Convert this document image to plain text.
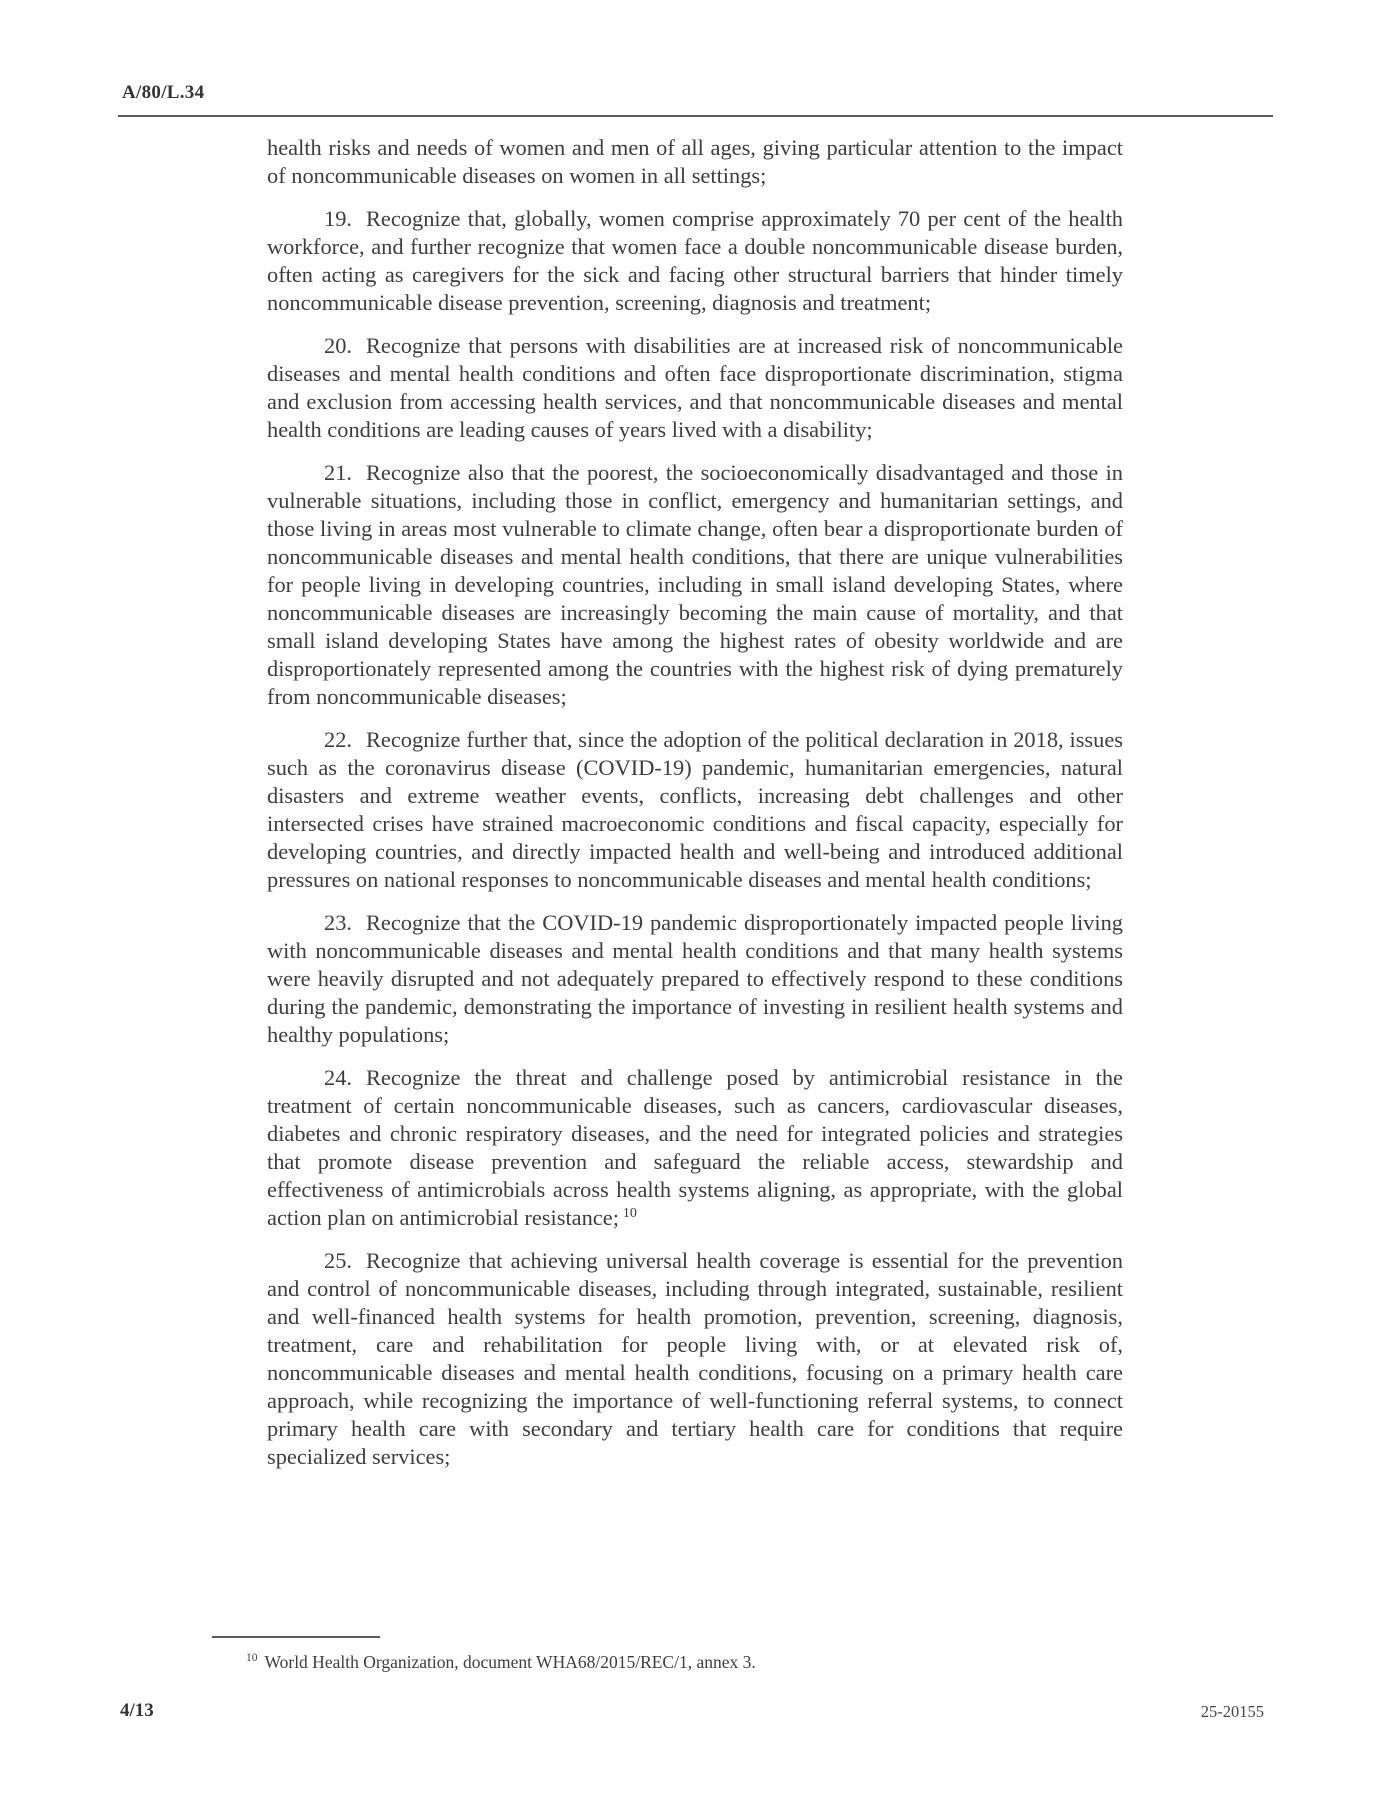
A/80/L.34

health risks and needs of women and men of all ages, giving particular attention to the impact of noncommunicable diseases on women in all settings;

19. Recognize that, globally, women comprise approximately 70 per cent of the health workforce, and further recognize that women face a double noncommunicable disease burden, often acting as caregivers for the sick and facing other structural barriers that hinder timely noncommunicable disease prevention, screening, diagnosis and treatment;

20. Recognize that persons with disabilities are at increased risk of noncommunicable diseases and mental health conditions and often face disproportionate discrimination, stigma and exclusion from accessing health services, and that noncommunicable diseases and mental health conditions are leading causes of years lived with a disability;

21. Recognize also that the poorest, the socioeconomically disadvantaged and those in vulnerable situations, including those in conflict, emergency and humanitarian settings, and those living in areas most vulnerable to climate change, often bear a disproportionate burden of noncommunicable diseases and mental health conditions, that there are unique vulnerabilities for people living in developing countries, including in small island developing States, where noncommunicable diseases are increasingly becoming the main cause of mortality, and that small island developing States have among the highest rates of obesity worldwide and are disproportionately represented among the countries with the highest risk of dying prematurely from noncommunicable diseases;

22. Recognize further that, since the adoption of the political declaration in 2018, issues such as the coronavirus disease (COVID-19) pandemic, humanitarian emergencies, natural disasters and extreme weather events, conflicts, increasing debt challenges and other intersected crises have strained macroeconomic conditions and fiscal capacity, especially for developing countries, and directly impacted health and well-being and introduced additional pressures on national responses to noncommunicable diseases and mental health conditions;

23. Recognize that the COVID-19 pandemic disproportionately impacted people living with noncommunicable diseases and mental health conditions and that many health systems were heavily disrupted and not adequately prepared to effectively respond to these conditions during the pandemic, demonstrating the importance of investing in resilient health systems and healthy populations;

24. Recognize the threat and challenge posed by antimicrobial resistance in the treatment of certain noncommunicable diseases, such as cancers, cardiovascular diseases, diabetes and chronic respiratory diseases, and the need for integrated policies and strategies that promote disease prevention and safeguard the reliable access, stewardship and effectiveness of antimicrobials across health systems aligning, as appropriate, with the global action plan on antimicrobial resistance; $^{10}$

25. Recognize that achieving universal health coverage is essential for the prevention and control of noncommunicable diseases, including through integrated, sustainable, resilient and well-financed health systems for health promotion, prevention, screening, diagnosis, treatment, care and rehabilitation for people living with, or at elevated risk of, noncommunicable diseases and mental health conditions, focusing on a primary health care approach, while recognizing the importance of well-functioning referral systems, to connect primary health care with secondary and tertiary health care for conditions that require specialized services;

$^{10}$ World Health Organization, document WHA68/2015/REC/1, annex 3.
4/13	25-20155
